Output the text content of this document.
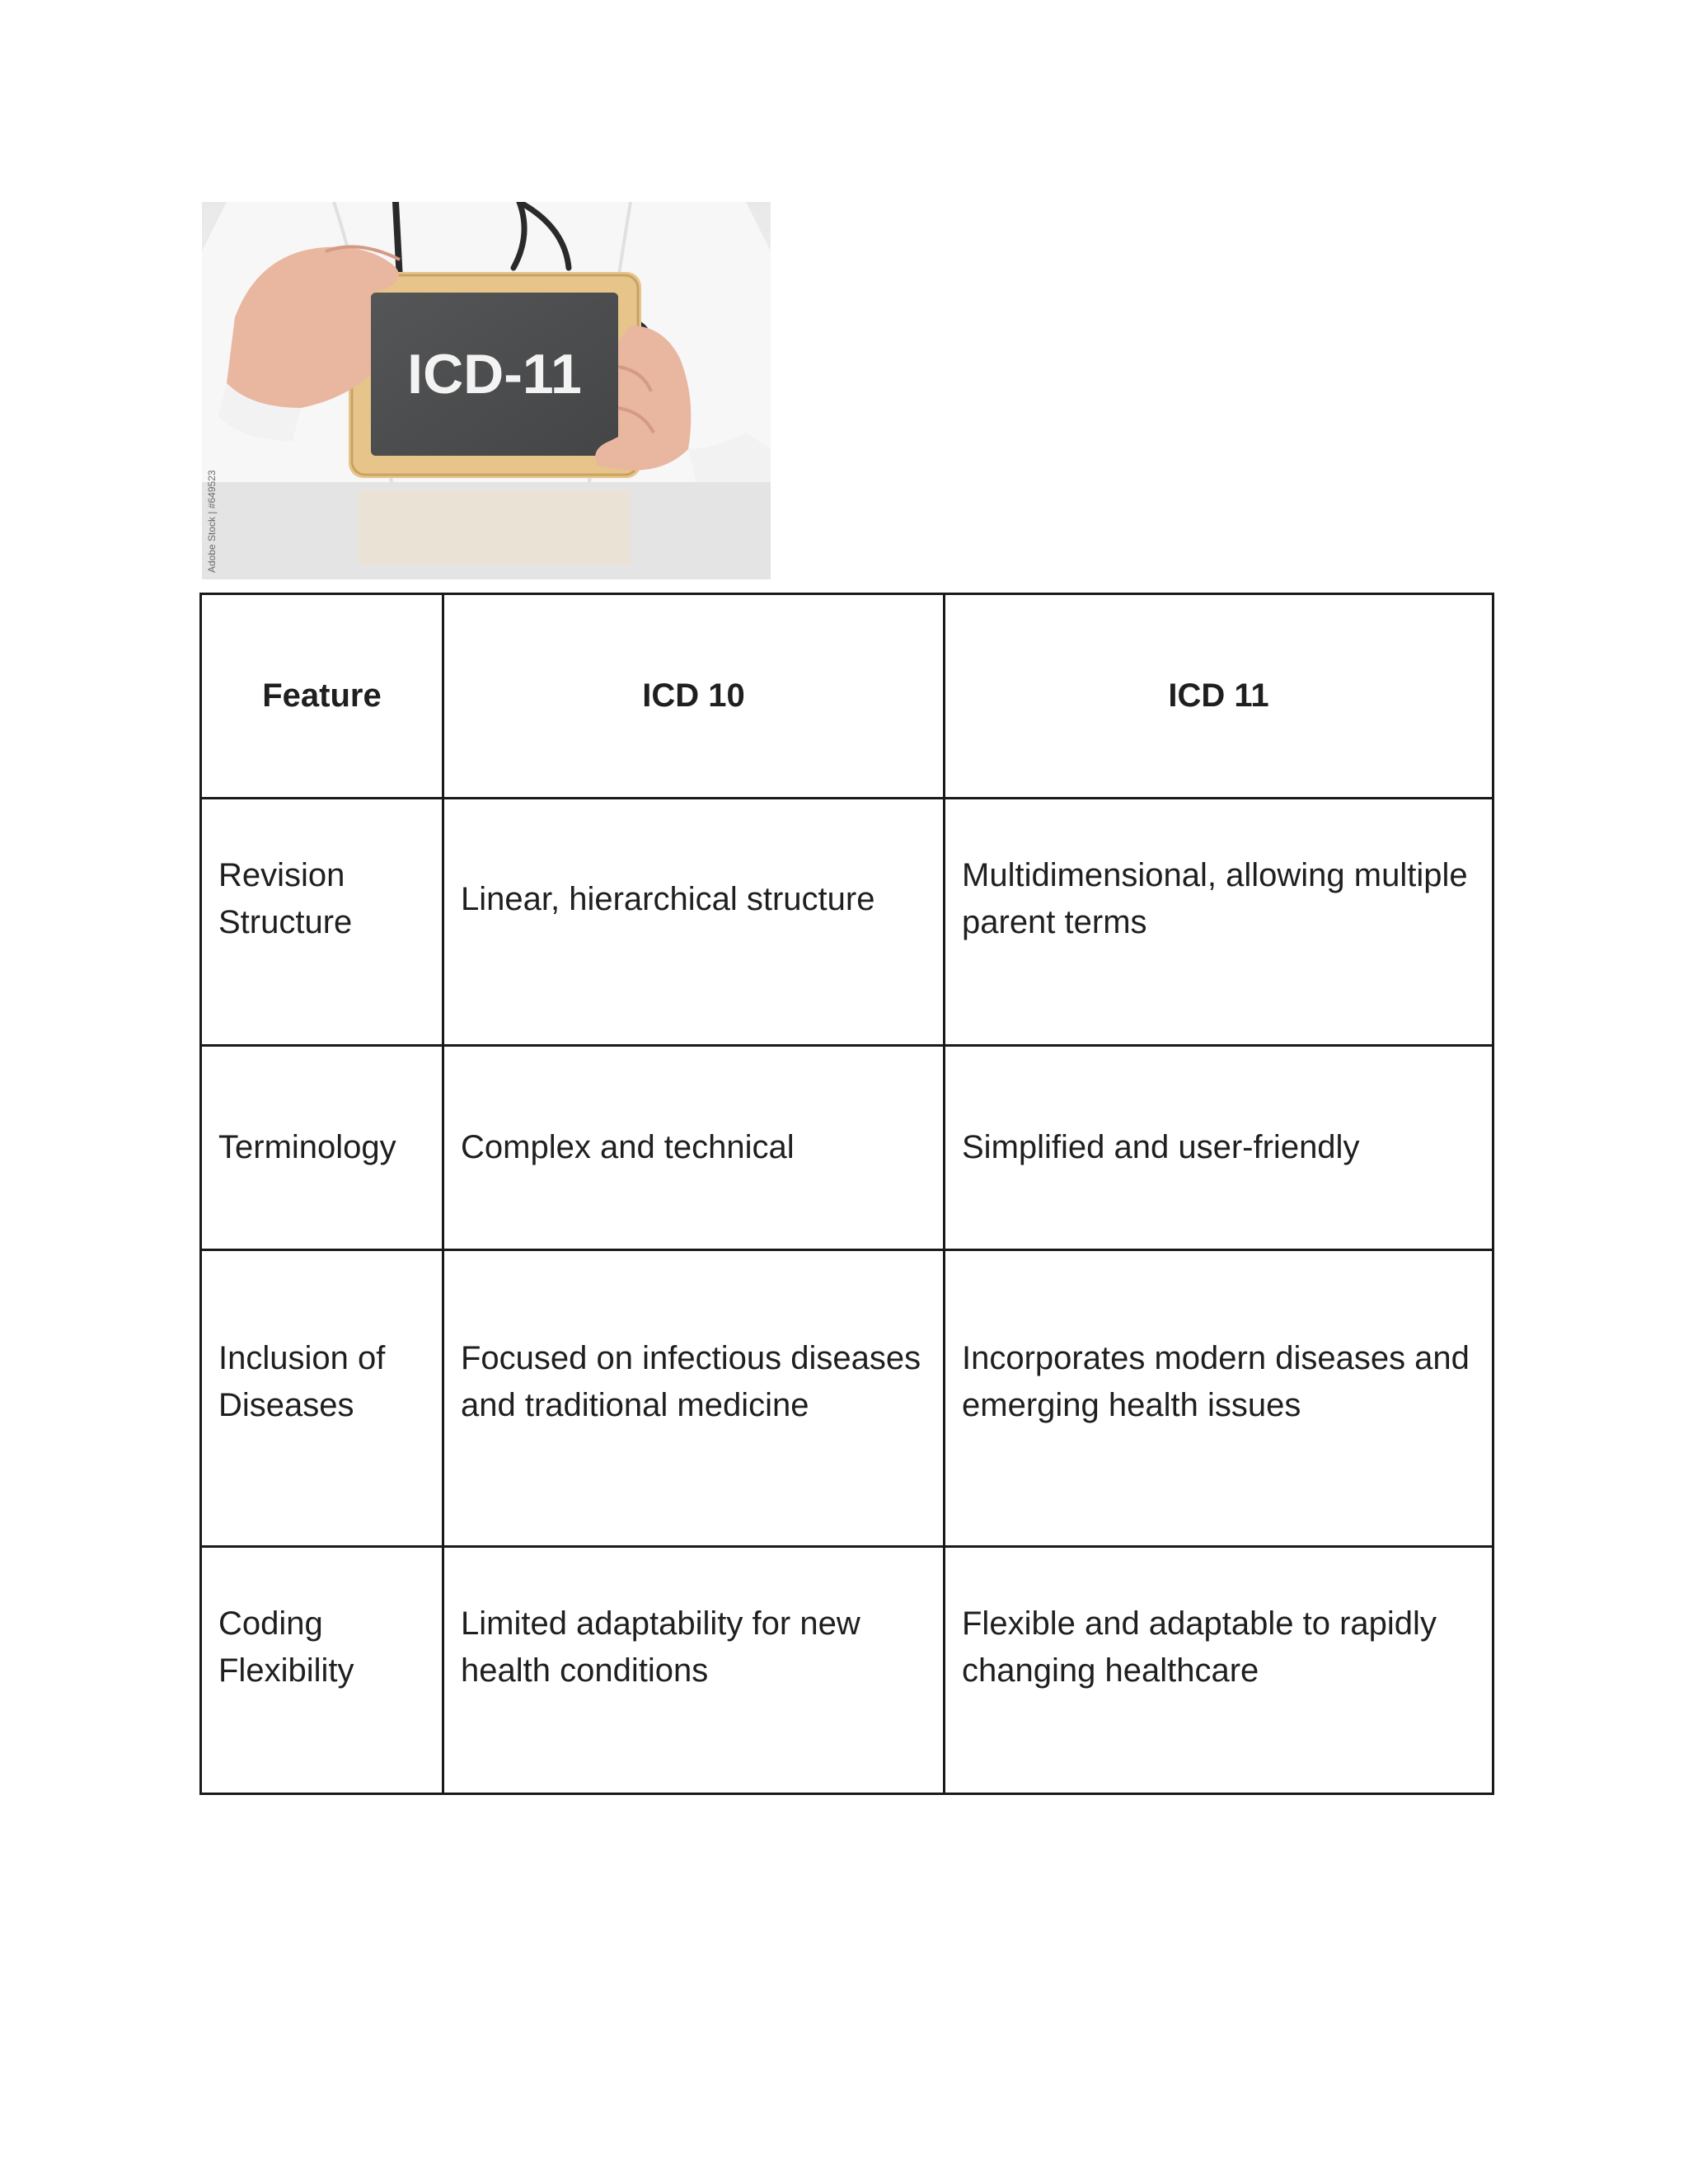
ICD-11
Adobe Stock | #649523
Feature	ICD 10	ICD 11

Revision Structure	Linear, hierarchical structure	Multidimensional, allowing multiple parent terms

Terminology	Complex and technical	Simplified and user-friendly

Inclusion of Diseases	Focused on infectious diseases and traditional medicine	Incorporates modern diseases and emerging health issues

Coding Flexibility	Limited adaptability for new health conditions	Flexible and adaptable to rapidly changing healthcare
